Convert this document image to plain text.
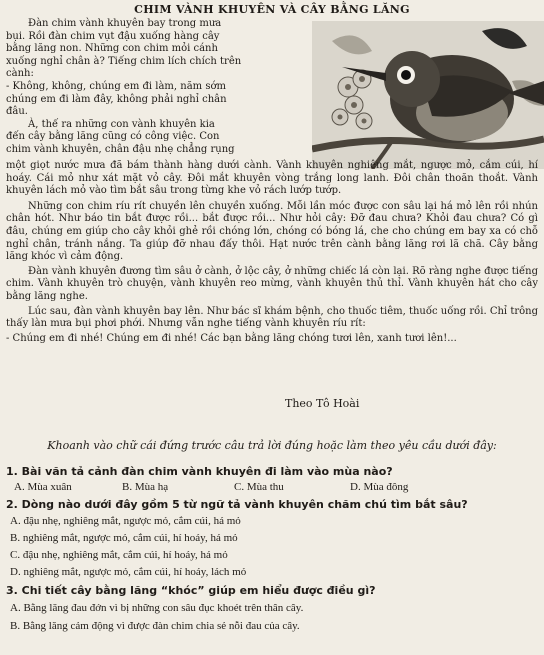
CHIM VÀNH KHUYÊN VÀ CÂY BẰNG LĂNG

Đàn chim vành khuyên bay trong mưa

bụi. Rồi đàn chim vụt đậu xuống hàng cây

bằng lăng non. Những con chim mỏi cánh

xuống nghỉ chân à? Tiếng chim lích chích trên

cành:

- Không, không, chúng em đi làm, năm sớm

chúng em đi làm đây, không phải nghỉ chân

đâu.

À, thế ra những con vành khuyên kia

đến cây bằng lăng cũng có công việc. Con

chim vành khuyên, chân đậu nhẹ chẳng rụng

một giọt nước mưa đã bám thành hàng dưới cành. Vành khuyên nghiêng mắt, ngược mỏ, cắm cúi, hí hoáy. Cái mỏ như xát mặt vỏ cây. Đôi mắt khuyên vòng trắng long lanh. Đôi chân thoăn thoắt. Vành khuyên lách mỏ vào tìm bắt sâu trong từng khe vỏ rách lướp tướp.

Những con chim ríu rít chuyền lên chuyền xuống. Mỗi lần móc được con sâu lại há mỏ lên rồi nhún chân hót. Như báo tin bắt được rồi... bắt được rồi... Như hỏi cây: Đỡ đau chưa? Khỏi đau chưa? Có gì đâu, chúng em giúp cho cây khỏi ghẻ rồi chóng lớn, chóng có bóng lá, che cho chúng em bay xa có chỗ nghỉ chân, tránh nắng. Ta giúp đỡ nhau đấy thôi. Hạt nước trên cành bằng lăng rơi lã chã. Cây bằng lăng khóc vì cảm động.

Đàn vành khuyên đương tìm sâu ở cành, ở lộc cây, ở những chiếc lá còn lại. Rõ ràng nghe được tiếng chim. Vành khuyên trò chuyện, vành khuyên reo mừng, vành khuyên thủ thỉ. Vành khuyên hát cho cây bằng lăng nghe.

Lúc sau, đàn vành khuyên bay lên. Như bác sĩ khám bệnh, cho thuốc tiêm, thuốc uống rồi. Chỉ trông thấy làn mưa bụi phơi phới. Nhưng vẫn nghe tiếng vành khuyên ríu rít:

- Chúng em đi nhé! Chúng em đi nhé! Các bạn bằng lăng chóng tươi lên, xanh tươi lên!...

Theo Tô Hoài
Khoanh vào chữ cái đứng trước câu trả lời đúng hoặc làm theo yêu cầu dưới đây:
1. Bài văn tả cảnh đàn chim vành khuyên đi làm vào mùa nào?
A. Mùa xuân	B. Mùa hạ	C. Mùa thu	D. Mùa đông
2. Dòng nào dưới đây gồm 5 từ ngữ tả vành khuyên chăm chú tìm bắt sâu?
A. đậu nhẹ, nghiêng mắt, ngược mỏ, cắm cúi, há mỏ
B. nghiêng mắt, ngược mỏ, cắm cúi, hí hoáy, há mỏ
C. đậu nhẹ, nghiêng mắt, cắm cúi, hí hoáy, há mỏ
D. nghiêng mắt, ngược mỏ, cắm cúi, hí hoáy, lách mỏ
3. Chi tiết cây bằng lăng “khóc” giúp em hiểu được điều gì?
A. Bằng lăng đau đớn vì bị những con sâu đục khoét trên thân cây.
B. Bằng lăng cảm động vì được đàn chim chia sẻ nỗi đau của cây.
